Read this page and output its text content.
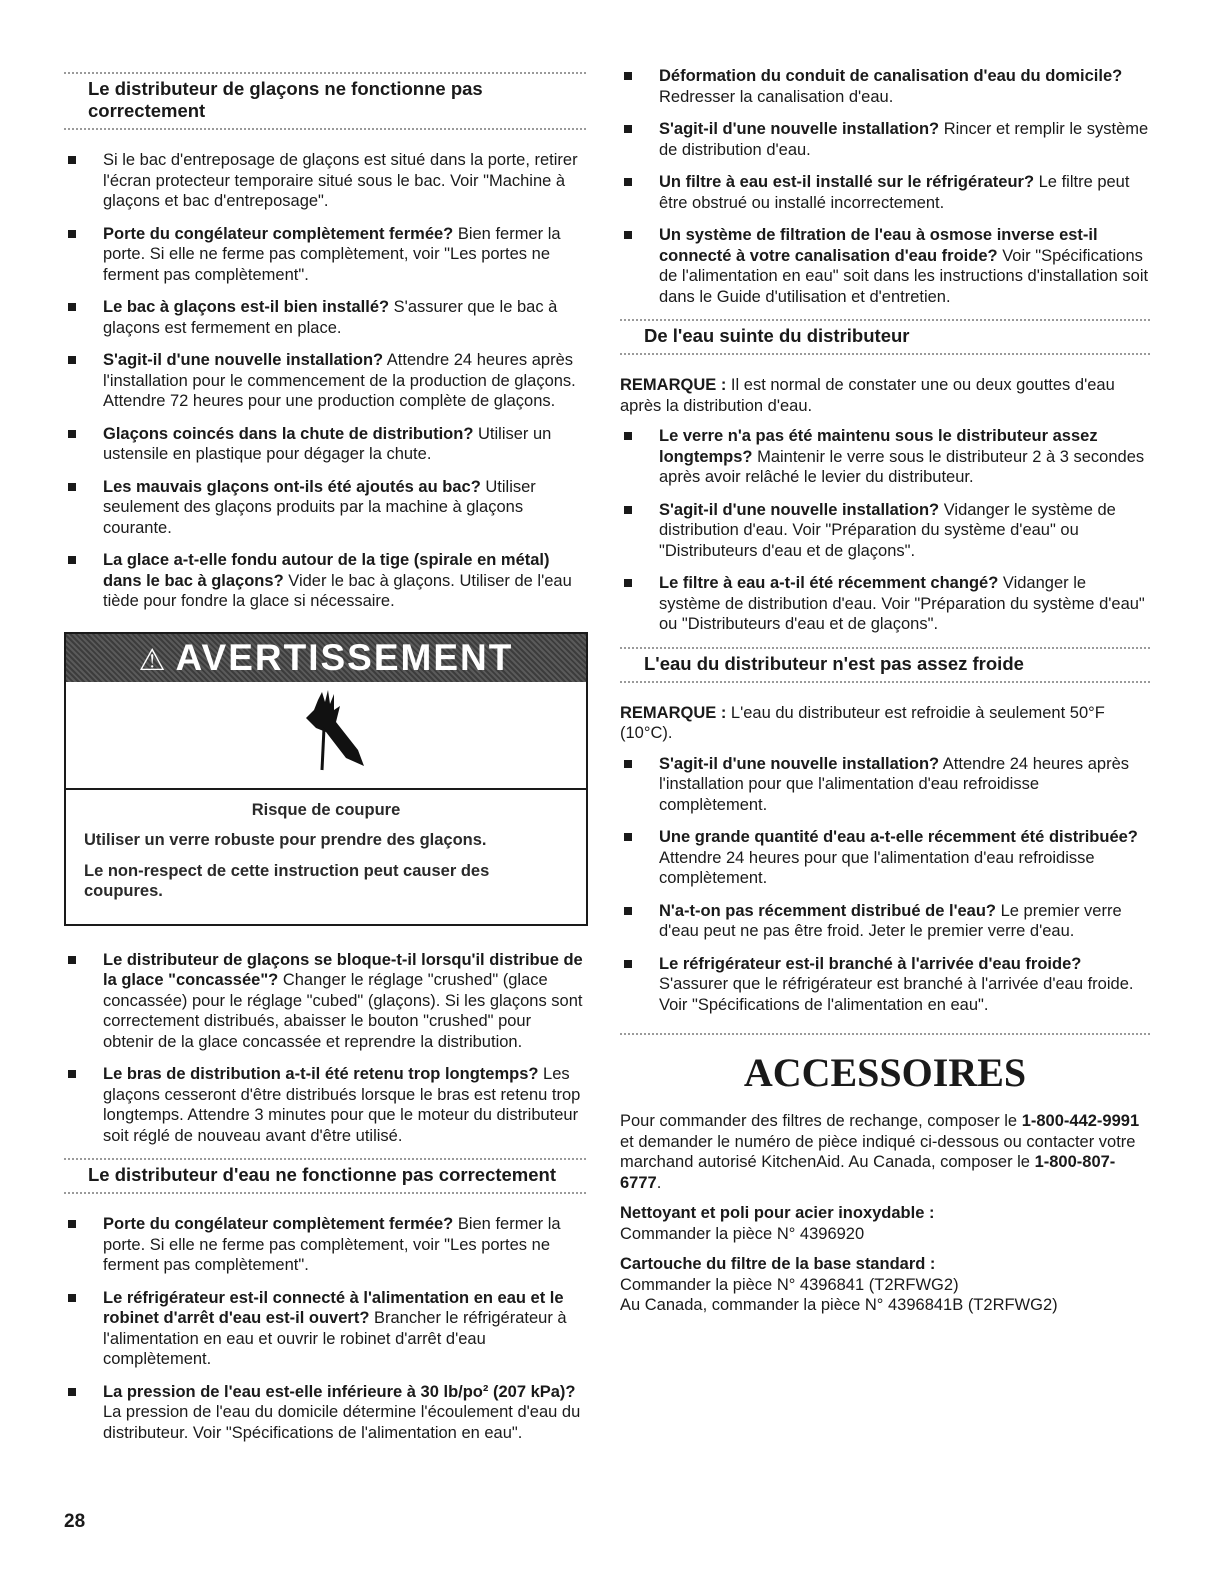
Le distributeur de glaçons ne fonctionne pas correctement
Si le bac d'entreposage de glaçons est situé dans la porte, retirer l'écran protecteur temporaire situé sous le bac. Voir "Machine à glaçons et bac d'entreposage".
Porte du congélateur complètement fermée? Bien fermer la porte. Si elle ne ferme pas complètement, voir "Les portes ne ferment pas complètement".
Le bac à glaçons est-il bien installé? S'assurer que le bac à glaçons est fermement en place.
S'agit-il d'une nouvelle installation? Attendre 24 heures après l'installation pour le commencement de la production de glaçons. Attendre 72 heures pour une production complète de glaçons.
Glaçons coincés dans la chute de distribution? Utiliser un ustensile en plastique pour dégager la chute.
Les mauvais glaçons ont-ils été ajoutés au bac? Utiliser seulement des glaçons produits par la machine à glaçons courante.
La glace a-t-elle fondu autour de la tige (spirale en métal) dans le bac à glaçons? Vider le bac à glaçons. Utiliser de l'eau tiède pour fondre la glace si nécessaire.
⚠ AVERTISSEMENT
Risque de coupure

Utiliser un verre robuste pour prendre des glaçons.

Le non-respect de cette instruction peut causer des coupures.

Le distributeur de glaçons se bloque-t-il lorsqu'il distribue de la glace "concassée"? Changer le réglage "crushed" (glace concassée) pour le réglage "cubed" (glaçons). Si les glaçons sont correctement distribués, abaisser le bouton "crushed" pour obtenir de la glace concassée et reprendre la distribution.
Le bras de distribution a-t-il été retenu trop longtemps? Les glaçons cesseront d'être distribués lorsque le bras est retenu trop longtemps. Attendre 3 minutes pour que le moteur du distributeur soit réglé de nouveau avant d'être utilisé.
Le distributeur d'eau ne fonctionne pas correctement
Porte du congélateur complètement fermée? Bien fermer la porte. Si elle ne ferme pas complètement, voir "Les portes ne ferment pas complètement".
Le réfrigérateur est-il connecté à l'alimentation en eau et le robinet d'arrêt d'eau est-il ouvert? Brancher le réfrigérateur à l'alimentation en eau et ouvrir le robinet d'arrêt d'eau complètement.
La pression de l'eau est-elle inférieure à 30 lb/po² (207 kPa)? La pression de l'eau du domicile détermine l'écoulement d'eau du distributeur. Voir "Spécifications de l'alimentation en eau".
Déformation du conduit de canalisation d'eau du domicile? Redresser la canalisation d'eau.
S'agit-il d'une nouvelle installation? Rincer et remplir le système de distribution d'eau.
Un filtre à eau est-il installé sur le réfrigérateur? Le filtre peut être obstrué ou installé incorrectement.
Un système de filtration de l'eau à osmose inverse est-il connecté à votre canalisation d'eau froide? Voir "Spécifications de l'alimentation en eau" soit dans les instructions d'installation soit dans le Guide d'utilisation et d'entretien.
De l'eau suinte du distributeur

REMARQUE : Il est normal de constater une ou deux gouttes d'eau après la distribution d'eau.

Le verre n'a pas été maintenu sous le distributeur assez longtemps? Maintenir le verre sous le distributeur 2 à 3 secondes après avoir relâché le levier du distributeur.
S'agit-il d'une nouvelle installation? Vidanger le système de distribution d'eau. Voir "Préparation du système d'eau" ou "Distributeurs d'eau et de glaçons".
Le filtre à eau a-t-il été récemment changé? Vidanger le système de distribution d'eau. Voir "Préparation du système d'eau" ou "Distributeurs d'eau et de glaçons".
L'eau du distributeur n'est pas assez froide

REMARQUE : L'eau du distributeur est refroidie à seulement 50°F (10°C).

S'agit-il d'une nouvelle installation? Attendre 24 heures après l'installation pour que l'alimentation d'eau refroidisse complètement.
Une grande quantité d'eau a-t-elle récemment été distribuée? Attendre 24 heures pour que l'alimentation d'eau refroidisse complètement.
N'a-t-on pas récemment distribué de l'eau? Le premier verre d'eau peut ne pas être froid. Jeter le premier verre d'eau.
Le réfrigérateur est-il branché à l'arrivée d'eau froide? S'assurer que le réfrigérateur est branché à l'arrivée d'eau froide. Voir "Spécifications de l'alimentation en eau".
ACCESSOIRES

Pour commander des filtres de rechange, composer le 1-800-442-9991 et demander le numéro de pièce indiqué ci-dessous ou contacter votre marchand autorisé KitchenAid. Au Canada, composer le 1-800-807-6777.

Nettoyant et poli pour acier inoxydable :
Commander la pièce N° 4396920

Cartouche du filtre de la base standard :
Commander la pièce N° 4396841 (T2RFWG2)
Au Canada, commander la pièce N° 4396841B (T2RFWG2)

28
